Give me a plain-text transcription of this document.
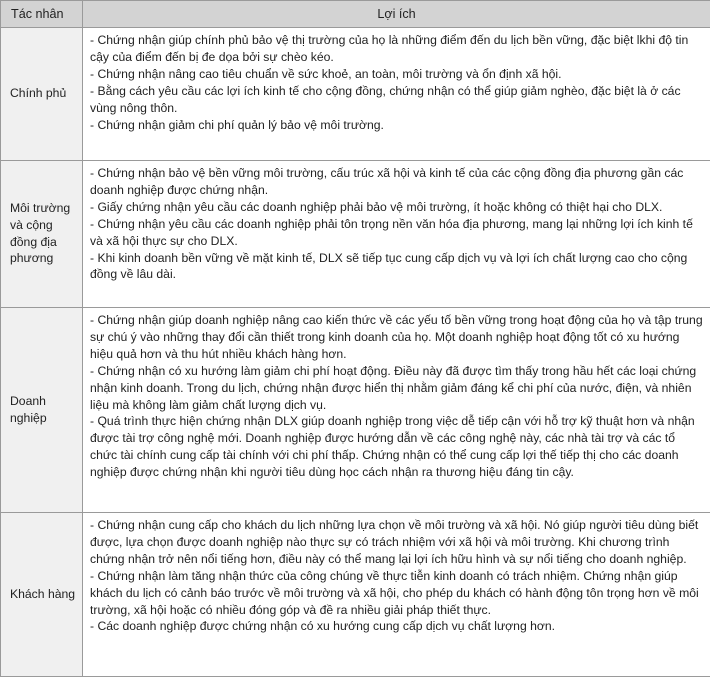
Tác nhân	Lợi ích

Chính phủ	- Chứng nhận giúp chính phủ bảo vệ thị trường của họ là những điểm đến du lịch bền vững, đặc biệt lkhi độ tin cậy của điểm đến bị đe dọa bởi sự chèo kéo.
- Chứng nhận nâng cao tiêu chuẩn về sức khoẻ, an toàn, môi trường và ổn định xã hội.
- Bằng cách yêu cầu các lợi ích kinh tế cho cộng đồng, chứng nhận có thể giúp giảm nghèo, đặc biệt là ở các vùng nông thôn.
- Chứng nhận giảm chi phí quản lý bảo vệ môi trường.

Môi trường và cộng đồng địa phương	- Chứng nhận bảo vệ bền vững môi trường, cấu trúc xã hội và kinh tế của các cộng đồng địa phương gần các doanh nghiệp được chứng nhận.
- Giấy chứng nhận yêu cầu các doanh nghiệp phải bảo vệ môi trường, ít hoặc không có thiệt hại cho DLX.
- Chứng nhận yêu cầu các doanh nghiệp phải tôn trọng nền văn hóa địa phương, mang lại những lợi ích kinh tế và xã hội thực sự cho DLX.
- Khi kinh doanh bền vững về mặt kinh tế, DLX sẽ tiếp tục cung cấp dịch vụ và lợi ích chất lượng cao cho cộng đồng về lâu dài.

Doanh nghiệp	- Chứng nhận giúp doanh nghiệp nâng cao kiến thức về các yếu tố bền vững trong hoạt động của họ và tập trung sự chú ý vào những thay đổi cần thiết trong kinh doanh của họ. Một doanh nghiệp hoạt động tốt có xu hướng hiệu quả hơn và thu hút nhiều khách hàng hơn.
- Chứng nhận có xu hướng làm giảm chi phí hoạt động. Điều này đã được tìm thấy trong hầu hết các loại chứng nhận kinh doanh. Trong du lịch, chứng nhận được hiển thị nhằm giảm đáng kể chi phí của nước, điện, và nhiên liệu mà không làm giảm chất lượng dịch vụ.
- Quá trình thực hiện chứng nhận DLX giúp doanh nghiệp trong việc dễ tiếp cận với hỗ trợ kỹ thuật hơn và nhận được tài trợ công nghệ mới. Doanh nghiệp được hướng dẫn về các công nghệ này, các nhà tài trợ và các tổ chức tài chính cung cấp tài chính với chi phí thấp. Chứng nhận có thể cung cấp lợi thế tiếp thị cho các doanh nghiệp được chứng nhận khi người tiêu dùng học cách nhận ra thương hiệu đáng tin cậy.

Khách hàng	- Chứng nhận cung cấp cho khách du lịch những lựa chọn về môi trường và xã hội. Nó giúp người tiêu dùng biết được, lựa chọn được doanh nghiệp nào thực sự có trách nhiệm với xã hội và môi trường. Khi chương trình chứng nhận trở nên nổi tiếng hơn, điều này có thể mang lại lợi ích hữu hình và sự nổi tiếng cho doanh nghiệp.
- Chứng nhận làm tăng nhận thức của công chúng về thực tiễn kinh doanh có trách nhiệm. Chứng nhận giúp khách du lịch có cảnh báo trước về môi trường và xã hội, cho phép du khách có hành động tôn trọng hơn về môi trường, xã hội hoặc có nhiều đóng góp và đề ra nhiều giải pháp thiết thực.
- Các doanh nghiệp được chứng nhận có xu hướng cung cấp dịch vụ chất lượng hơn.
